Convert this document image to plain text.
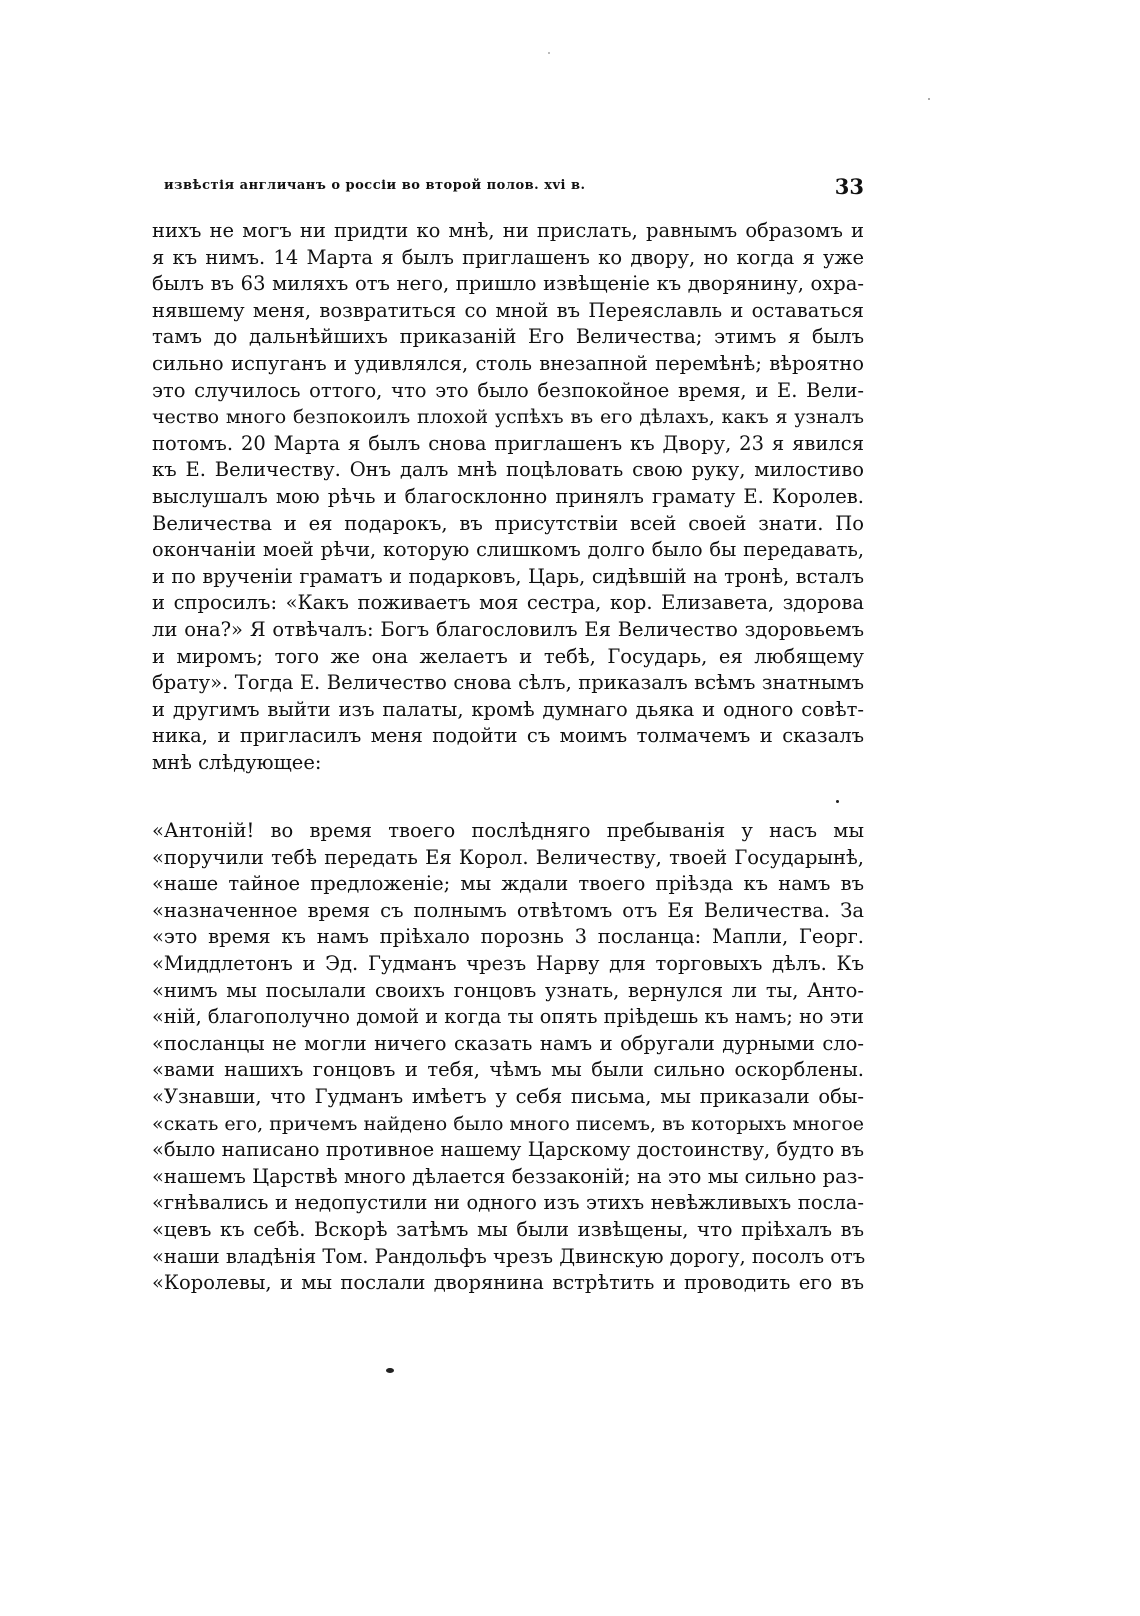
извѣстія англичанъ о россіи во второй полов. xvi в.	33
нихъ не могъ ни придти ко мнѣ, ни прислать, равнымъ образомъ и
я къ нимъ. 14 Марта я былъ приглашенъ ко двору, но когда я уже
былъ въ 63 миляхъ отъ него, пришло извѣщеніе къ дворянину, охра-
нявшему меня, возвратиться со мной въ Переяславль и оставаться
тамъ до дальнѣйшихъ приказаній Его Величества; этимъ я былъ
сильно испуганъ и удивлялся, столь внезапной перемѣнѣ; вѣроятно
это случилось оттого, что это было безпокойное время, и Е. Вели-
чество много безпокоилъ плохой успѣхъ въ его дѣлахъ, какъ я узналъ
потомъ. 20 Марта я былъ снова приглашенъ къ Двору, 23 я явился
къ Е. Величеству. Онъ далъ мнѣ поцѣловать свою руку, милостиво
выслушалъ мою рѣчь и благосклонно принялъ грамату Е. Королев.
Величества и ея подарокъ, въ присутствіи всей своей знати. По
окончаніи моей рѣчи, которую слишкомъ долго было бы передавать,
и по врученіи граматъ и подарковъ, Царь, сидѣвшій на тронѣ, всталъ
и спросилъ: «Какъ поживаетъ моя сестра, кор. Елизавета, здорова
ли она?» Я отвѣчалъ: Богъ благословилъ Ея Величество здоровьемъ
и миромъ; того же она желаетъ и тебѣ, Государь, ея любящему
брату». Тогда Е. Величество снова сѣлъ, приказалъ всѣмъ знатнымъ
и другимъ выйти изъ палаты, кромѣ думнаго дьяка и одного совѣт-
ника, и пригласилъ меня подойти съ моимъ толмачемъ и сказалъ
мнѣ слѣдующее:
«Антоній! во время твоего послѣдняго пребыванія у насъ мы
«поручили тебѣ передать Ея Корол. Величеству, твоей Государынѣ,
«наше тайное предложеніе; мы ждали твоего пріѣзда къ намъ въ
«назначенное время съ полнымъ отвѣтомъ отъ Ея Величества. За
«это время къ намъ пріѣхало порознь 3 посланца: Мапли, Георг.
«Миддлетонъ и Эд. Гудманъ чрезъ Нарву для торговыхъ дѣлъ. Къ
«нимъ мы посылали своихъ гонцовъ узнать, вернулся ли ты, Анто-
«ній, благополучно домой и когда ты опять пріѣдешь къ намъ; но эти
«посланцы не могли ничего сказать намъ и обругали дурными сло-
«вами нашихъ гонцовъ и тебя, чѣмъ мы были сильно оскорблены.
«Узнавши, что Гудманъ имѣетъ у себя письма, мы приказали обы-
«скать его, причемъ найдено было много писемъ, въ которыхъ многое
«было написано противное нашему Царскому достоинству, будто въ
«нашемъ Царствѣ много дѣлается беззаконій; на это мы сильно раз-
«гнѣвались и недопустили ни одного изъ этихъ невѣжливыхъ посла-
«цевъ къ себѣ. Вскорѣ затѣмъ мы были извѣщены, что пріѣхалъ въ
«наши владѣнія Том. Рандольфъ чрезъ Двинскую дорогу, посолъ отъ
«Королевы, и мы послали дворянина встрѣтить и проводить его въ
